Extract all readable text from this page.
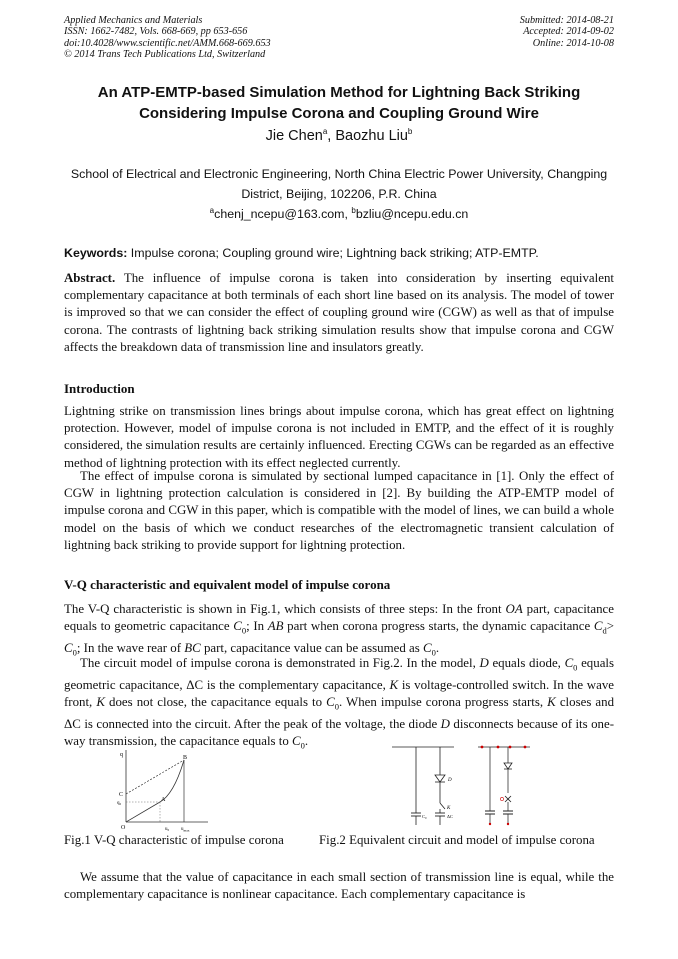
Applied Mechanics and Materials
ISSN: 1662-7482, Vols. 668-669, pp 653-656
doi:10.4028/www.scientific.net/AMM.668-669.653
© 2014 Trans Tech Publications Ltd, Switzerland
Submitted: 2014-08-21
Accepted: 2014-09-02
Online: 2014-10-08
An ATP-EMTP-based Simulation Method for Lightning Back Striking
Considering Impulse Corona and Coupling Ground Wire
Jie Chen$^a$, Baozhu Liu$^b$
School of Electrical and Electronic Engineering, North China Electric Power University, Changping District, Beijing, 102206, P.R. China
$^a$chenj_ncepu@163.com, $^b$bzliu@ncepu.edu.cn
Keywords: Impulse corona; Coupling ground wire; Lightning back striking; ATP-EMTP.
Abstract. The influence of impulse corona is taken into consideration by inserting equivalent complementary capacitance at both terminals of each short line based on its analysis. The model of tower is improved so that we can consider the effect of coupling ground wire (CGW) as well as that of impulse corona. The contrasts of lightning back striking simulation results show that impulse corona and CGW affects the breakdown data of transmission line and insulators greatly.
Introduction
Lightning strike on transmission lines brings about impulse corona, which has great effect on lightning protection. However, model of impulse corona is not included in EMTP, and the effect of it is roughly considered, the simulation results are certainly influenced. Erecting CGWs can be regarded as an effective method of lightning protection with its effect neglected currently.
The effect of impulse corona is simulated by sectional lumped capacitance in [1]. Only the effect of CGW in lightning protection calculation is considered in [2]. By building the ATP-EMTP model of impulse corona and CGW in this paper, which is compatible with the model of lines, we can build a whole model on the basis of which we conduct researches of the electromagnetic transient calculation of lightning back striking to provide support for lightning protection.
V-Q characteristic and equivalent model of impulse corona
The V-Q characteristic is shown in Fig.1, which consists of three steps: In the front OA part, capacitance equals to geometric capacitance $C_0$; In AB part when corona progress starts, the dynamic capacitance $C_d> C_0$; In the wave rear of BC part, capacitance value can be assumed as $C_0$.
The circuit model of impulse corona is demonstrated in Fig.2. In the model, D equals diode, $C_0$ equals geometric capacitance, ΔC is the complementary capacitance, K is voltage-controlled switch. In the wave front, K does not close, the capacitance equals to $C_0$. When impulse corona progress starts, K closes and ΔC is connected into the circuit. After the peak of the voltage, the diode D disconnects because of its one-way transmission, the capacitance equals to $C_0$.
q	B
C
q₀
A
O	u₀ $u_{max}$
C₀
D
K
ΔC
Fig.1 V-Q characteristic of impulse corona	Fig.2 Equivalent circuit and model of impulse corona
We assume that the value of capacitance in each small section of transmission line is equal, while the complementary capacitance is nonlinear capacitance. Each complementary capacitance is
